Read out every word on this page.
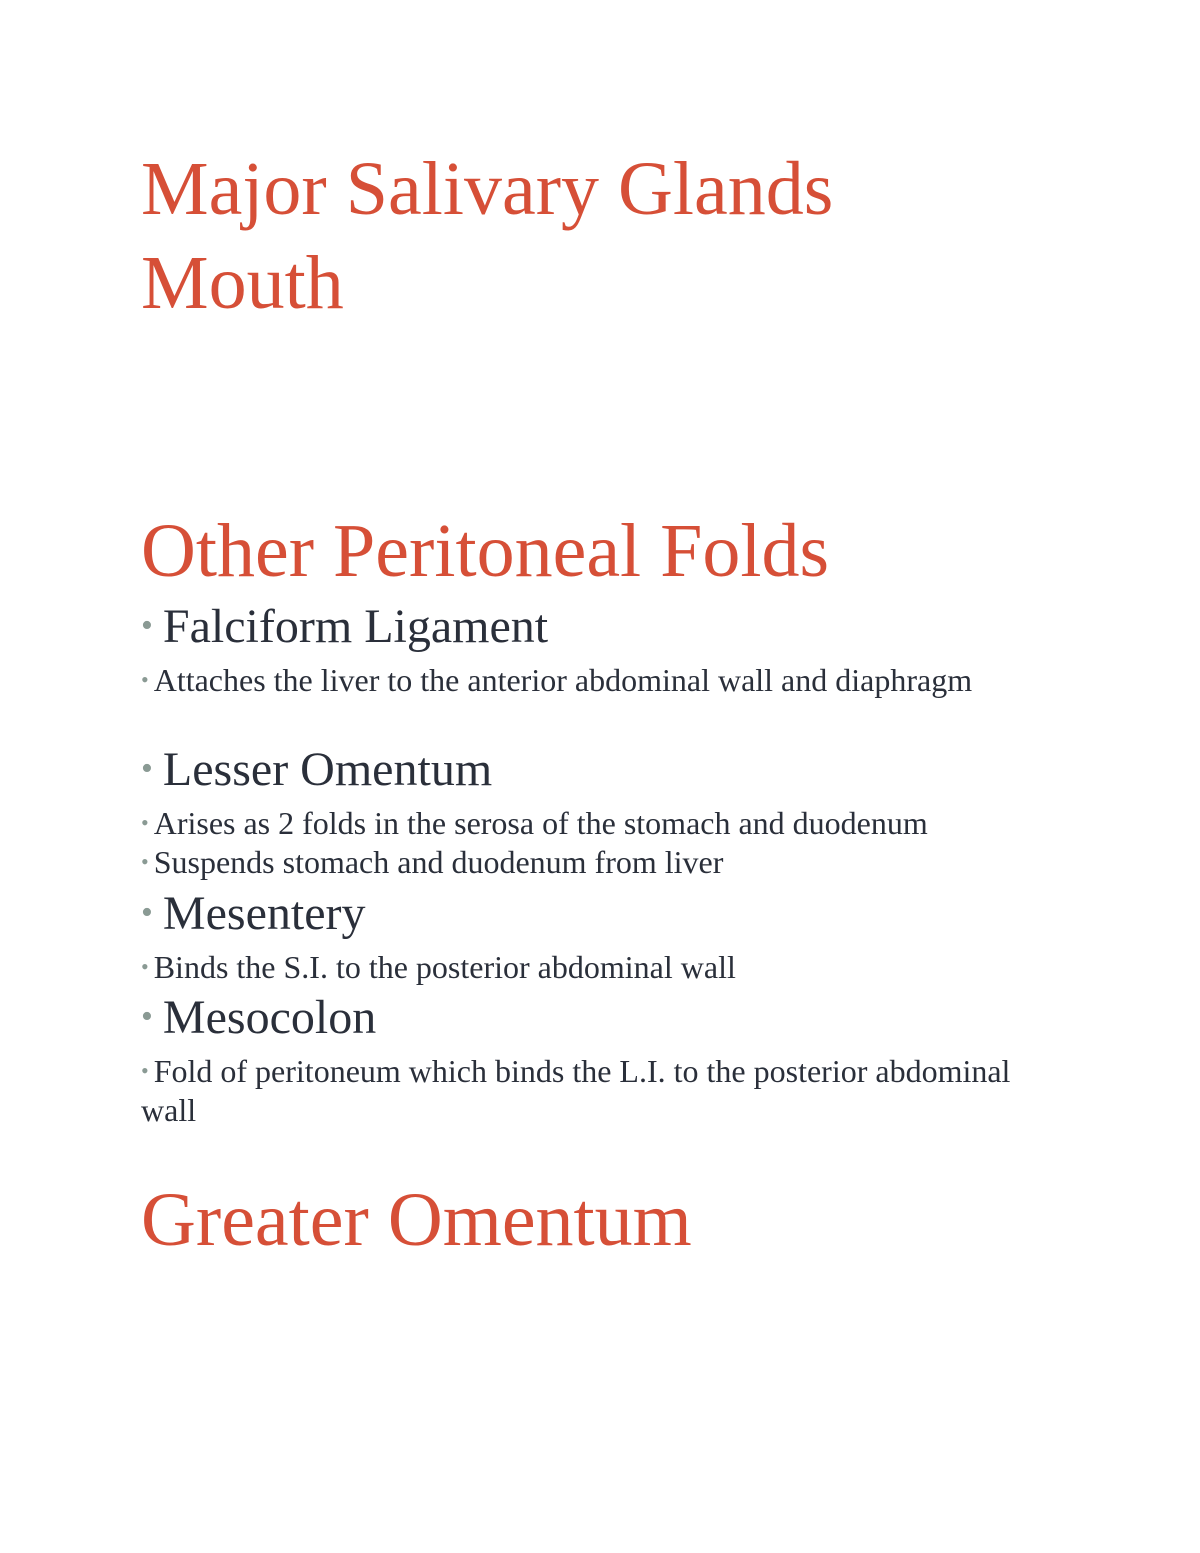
Major Salivary Glands
Mouth
Other Peritoneal Folds

• Falciform Ligament

• Attaches the liver to the anterior abdominal wall and diaphragm

• Lesser Omentum

• Arises as 2 folds in the serosa of the stomach and duodenum

• Suspends stomach and duodenum from liver

• Mesentery

• Binds the S.I. to the posterior abdominal wall

• Mesocolon

• Fold of peritoneum which binds the L.I. to the posterior abdominal wall

Greater Omentum
